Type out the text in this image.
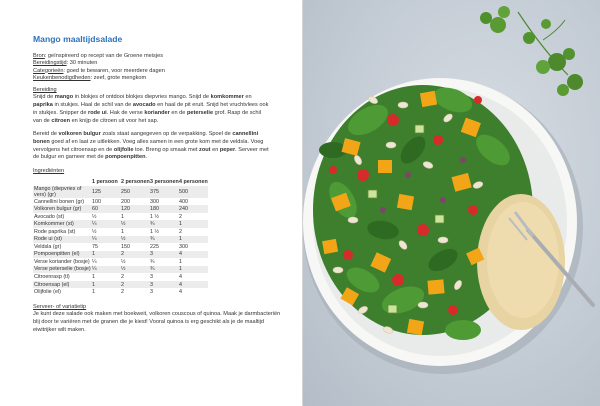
Mango maaltijdsalade
Bron: geïnspireerd op recept van de Groene meisjes
Bereidingstijd: 30 minuten
Categorieën: goed te bewaren, voor meerdere dagen
Keukenbenodigdheden: zeef, grote mengkom
Bereiding

Snijd de mango in blokjes of ontdooi blokjes diepvries mango. Snijd de komkommer en paprika in stukjes. Haal de schil van de avocado en haal de pit eruit. Snijd het vruchtvlees ook in stukjes. Snipper de rode ui. Hak de verse koriander en de peterselie grof. Rasp de schil van de citroen en knijp de citroen uit voor het sap.

Bereid de volkoren bulgur zoals staat aangegeven op de verpakking. Spoel de cannellini bonen goed af en laat ze uitlekken. Voeg alles samen in een grote kom met de veldsla. Voeg vervolgens het citroensap en de olijfolie toe. Breng op smaak met zout en peper. Serveer met de bulgur en garneer met de pompoenpitten.

Ingrediënten
	1 persoon	2 personen	3 personen	4 personen
Mango (diepvries of vers) (gr)	125	250	375	500
Cannellini bonen (gr)	100	200	300	400
Volkoren bulgur (gr)	60	120	180	240
Avocado (st)	½	1	1 ½	2
Komkommer (st)	¼	½	¾	1
Rode paprika (st)	½	1	1 ½	2
Rode ui (st)	¼	½	¾	1
Veldsla (gr)	75	150	225	300
Pompoenpitten (el)	1	2	3	4
Verse koriander (bosje)	¼	½	¾	1
Verse peterselie (bosje)	¼	½	¾	1
Citroenrasp (tl)	1	2	3	4
Citroensap (el)	1	2	3	4
Olijfolie (el)	1	2	3	4
Serveer- of variatietip
Je kunt deze salade ook maken met boekweit, volkoren couscous of quinoa. Maak je darmbacteriën blij door te variëren met de granen die je kiest! Vooral quinoa is erg geschikt als je de maaltijd eiwitrijker wilt maken.
